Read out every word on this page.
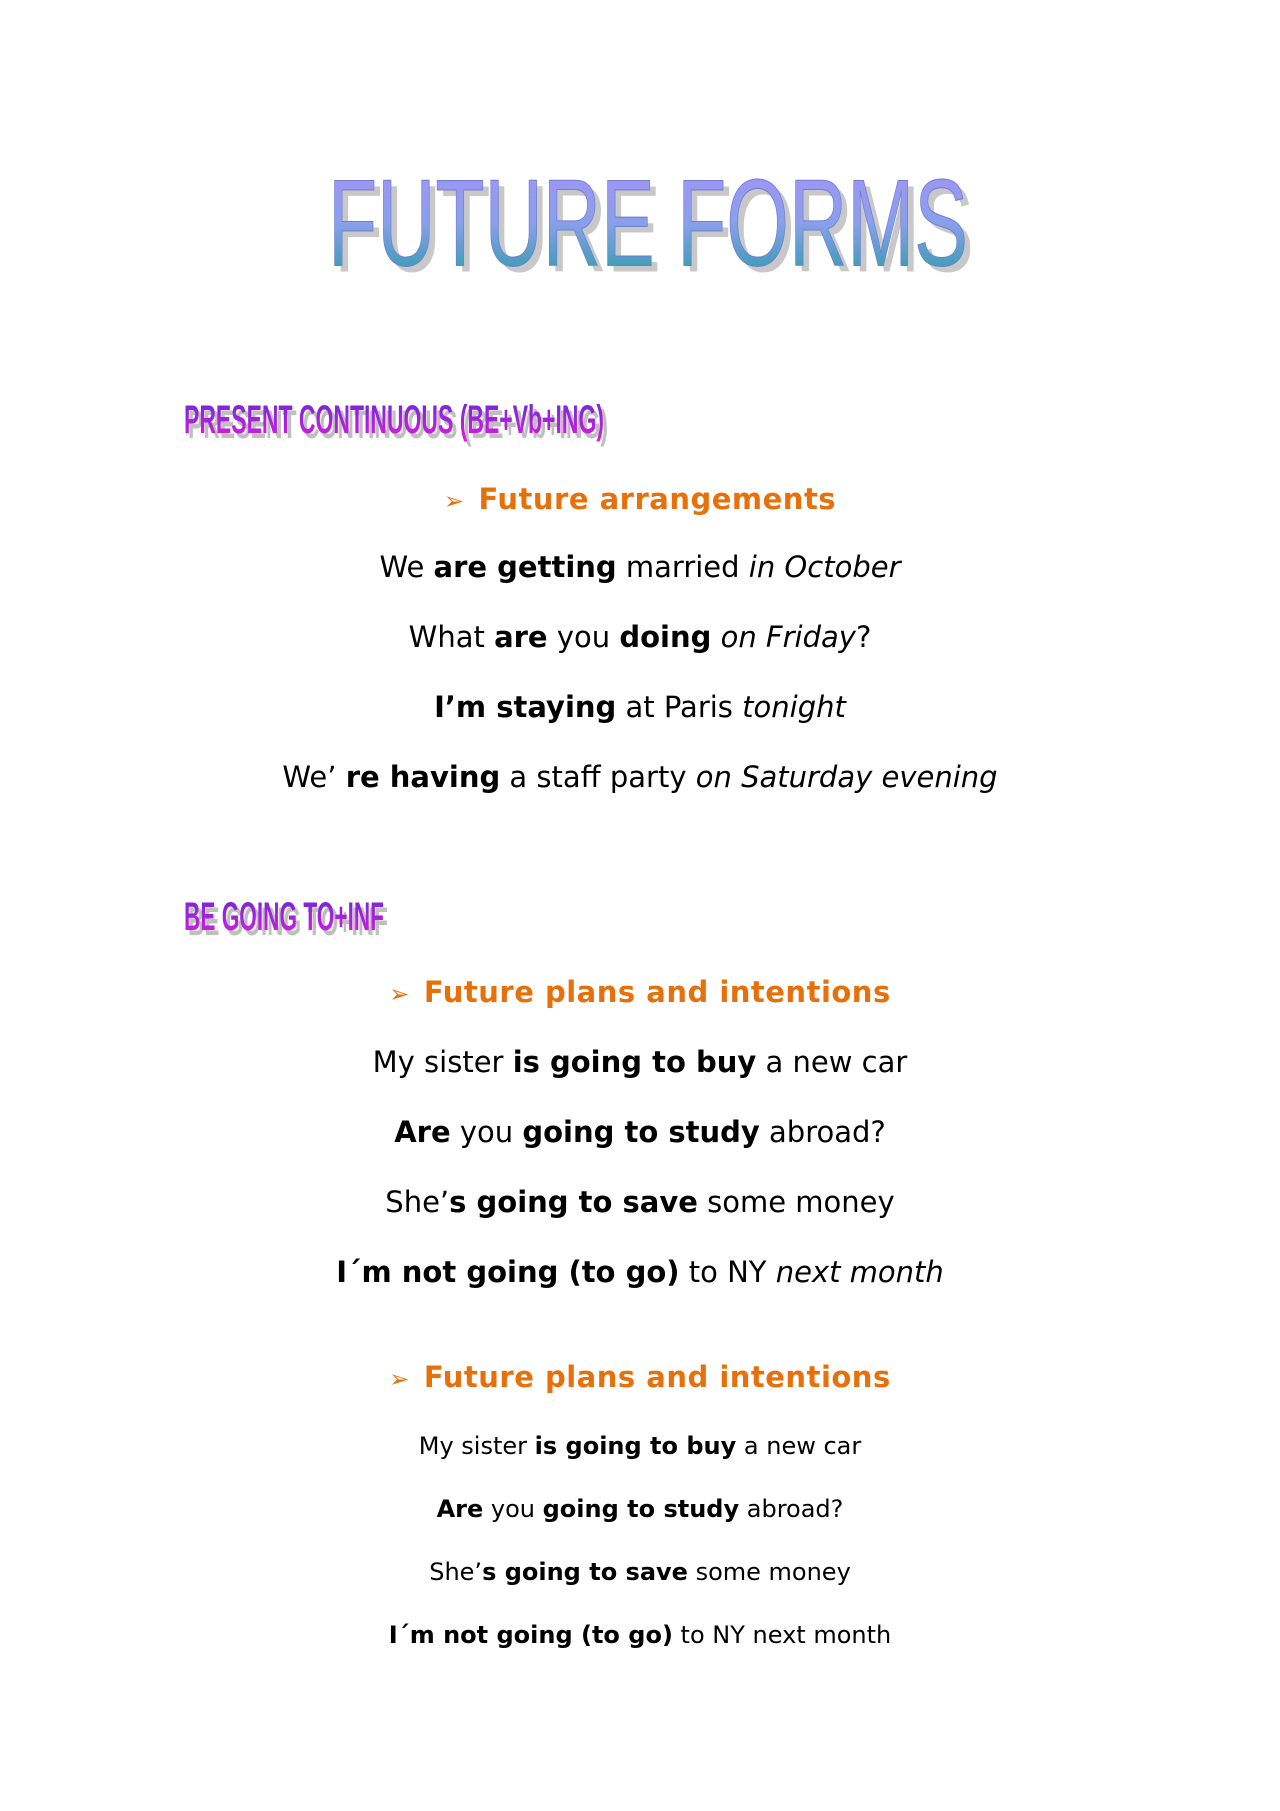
FUTURE FORMS
FUTURE FORMS
PRESENT CONTINUOUS (BE+Vb+ING)
PRESENT CONTINUOUS (BE+Vb+ING)
➢ Future arrangements
We are getting married in October
What are you doing on Friday?
I’m staying at Paris tonight
We’ re having a staff party on Saturday evening
BE GOING TO+INF
BE GOING TO+INF
➢ Future plans and intentions
My sister is going to buy a new car
Are you going to study abroad?
She’s going to save some money
I´m not going (to go) to NY next month
➢ Future plans and intentions
My sister is going to buy a new car
Are you going to study abroad?
She’s going to save some money
I´m not going (to go) to NY next month
